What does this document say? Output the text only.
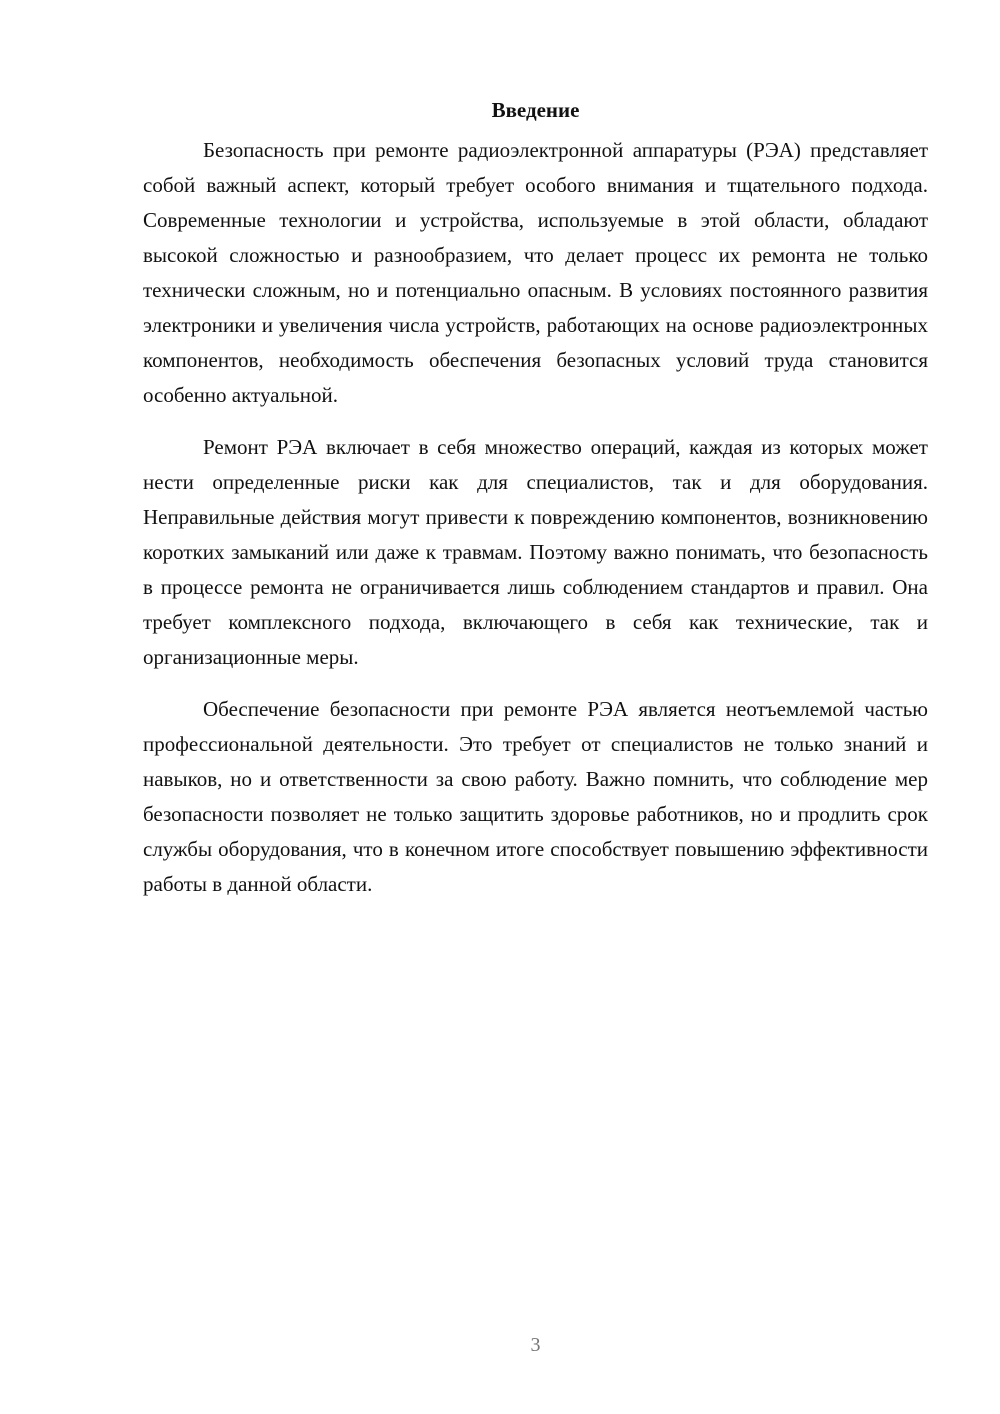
Введение

Безопасность при ремонте радиоэлектронной аппаратуры (РЭА) представляет собой важный аспект, который требует особого внимания и тщательного подхода. Современные технологии и устройства, используемые в этой области, обладают высокой сложностью и разнообразием, что делает процесс их ремонта не только технически сложным, но и потенциально опасным. В условиях постоянного развития электроники и увеличения числа устройств, работающих на основе радиоэлектронных компонентов, необходимость обеспечения безопасных условий труда становится особенно актуальной.

Ремонт РЭА включает в себя множество операций, каждая из которых может нести определенные риски как для специалистов, так и для оборудования. Неправильные действия могут привести к повреждению компонентов, возникновению коротких замыканий или даже к травмам. Поэтому важно понимать, что безопасность в процессе ремонта не ограничивается лишь соблюдением стандартов и правил. Она требует комплексного подхода, включающего в себя как технические, так и организационные меры.

Обеспечение безопасности при ремонте РЭА является неотъемлемой частью профессиональной деятельности. Это требует от специалистов не только знаний и навыков, но и ответственности за свою работу. Важно помнить, что соблюдение мер безопасности позволяет не только защитить здоровье работников, но и продлить срок службы оборудования, что в конечном итоге способствует повышению эффективности работы в данной области.

3
